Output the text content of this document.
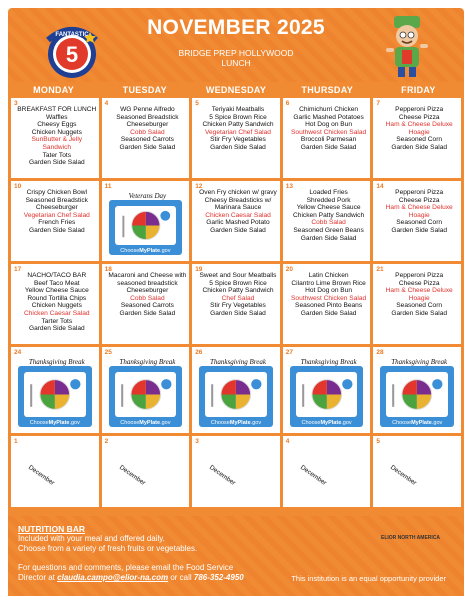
5
FANTASTIC	NOVEMBER 2025
BRIDGE PREP HOLLYWOOD
LUNCH
MONDAY	TUESDAY	WEDNESDAY	THURSDAY	FRIDAY
3
BREAKFAST FOR LUNCH Waffles
Cheesy Eggs
Chicken Nuggets
SunButter & Jelly Sandwich
Tater Tots
Garden Side Salad
4
WG Penne Alfredo
Seasoned Breadstick
Cheeseburger
Cobb Salad
Seasoned Carrots
Garden Side Salad
5
Teriyaki Meatballs
5 Spice Brown Rice
Chicken Patty Sandwich
Vegetarian Chef Salad
Stir Fry Vegetables
Garden Side Salad
6
Chimichurri Chicken
Garlic Mashed Potatoes
Hot Dog on Bun
Southwest Chicken Salad
Broccoli Parmesan
Garden Side Salad
7
Pepperoni Pizza
Cheese Pizza
Ham & Cheese Deluxe Hoagie
Seasoned Corn
Garden Side Salad
10
Crispy Chicken Bowl
Seasoned Breadstick
Cheeseburger
Vegetarian Chef Salad
French Fries
Garden Side Salad
11
ChooseMyPlate.gov
Veterans Day
12
Oven Fry chicken w/ gravy
Cheesy Breadsticks w/ Marinara Sauce
Chicken Caesar Salad
Garlic Mashed Potato
Garden Side Salad
13
Loaded Fries
Shredded Pork
Yellow Cheese Sauce
Chicken Patty Sandwich
Cobb Salad
Seasoned Green Beans
Garden Side Salad
14
Pepperoni Pizza
Cheese Pizza
Ham & Cheese Deluxe Hoagie
Seasoned Corn
Garden Side Salad
17
NACHO/TACO BAR
Beef Taco Meat
Yellow Cheese Sauce
Round Tortilla Chips
Chicken Nuggets
Chicken Caesar Salad
Tarter Tots
Garden Side Salad
18
Macaroni and Cheese with seasoned breadstick
Cheeseburger
Cobb Salad
Seasoned Carrots
Garden Side Salad
19
Sweet and Sour Meatballs
5 Spice Brown Rice
Chicken Patty Sandwich
Chef Salad
Stir Fry Vegetables
Garden Side Salad
20
Latin Chicken
Cilantro Lime Brown Rice
Hot Dog on Bun
Southwest Chicken Salad
Seasoned Pinto Beans
Garden Side Salad
21
Pepperoni Pizza
Cheese Pizza
Ham & Cheese Deluxe Hoagie
Seasoned Corn
Garden Side Salad
24
ChooseMyPlate.gov
Thanksgiving Break
25
ChooseMyPlate.gov
Thanksgiving Break
26
ChooseMyPlate.gov
Thanksgiving Break
27
ChooseMyPlate.gov
Thanksgiving Break
28
ChooseMyPlate.gov
Thanksgiving Break
1
December
2
December
3
December
4
December
5
December
NUTRITION BAR
Included with your meal and offered daily.
Choose from a variety of fresh fruits or vegetables.
For questions and comments, please email the Food Service
Director at claudia.campo@elior-na.com or call 786-352-4950
ELIOR NORTH AMERICA
This institution is an equal opportunity provider
